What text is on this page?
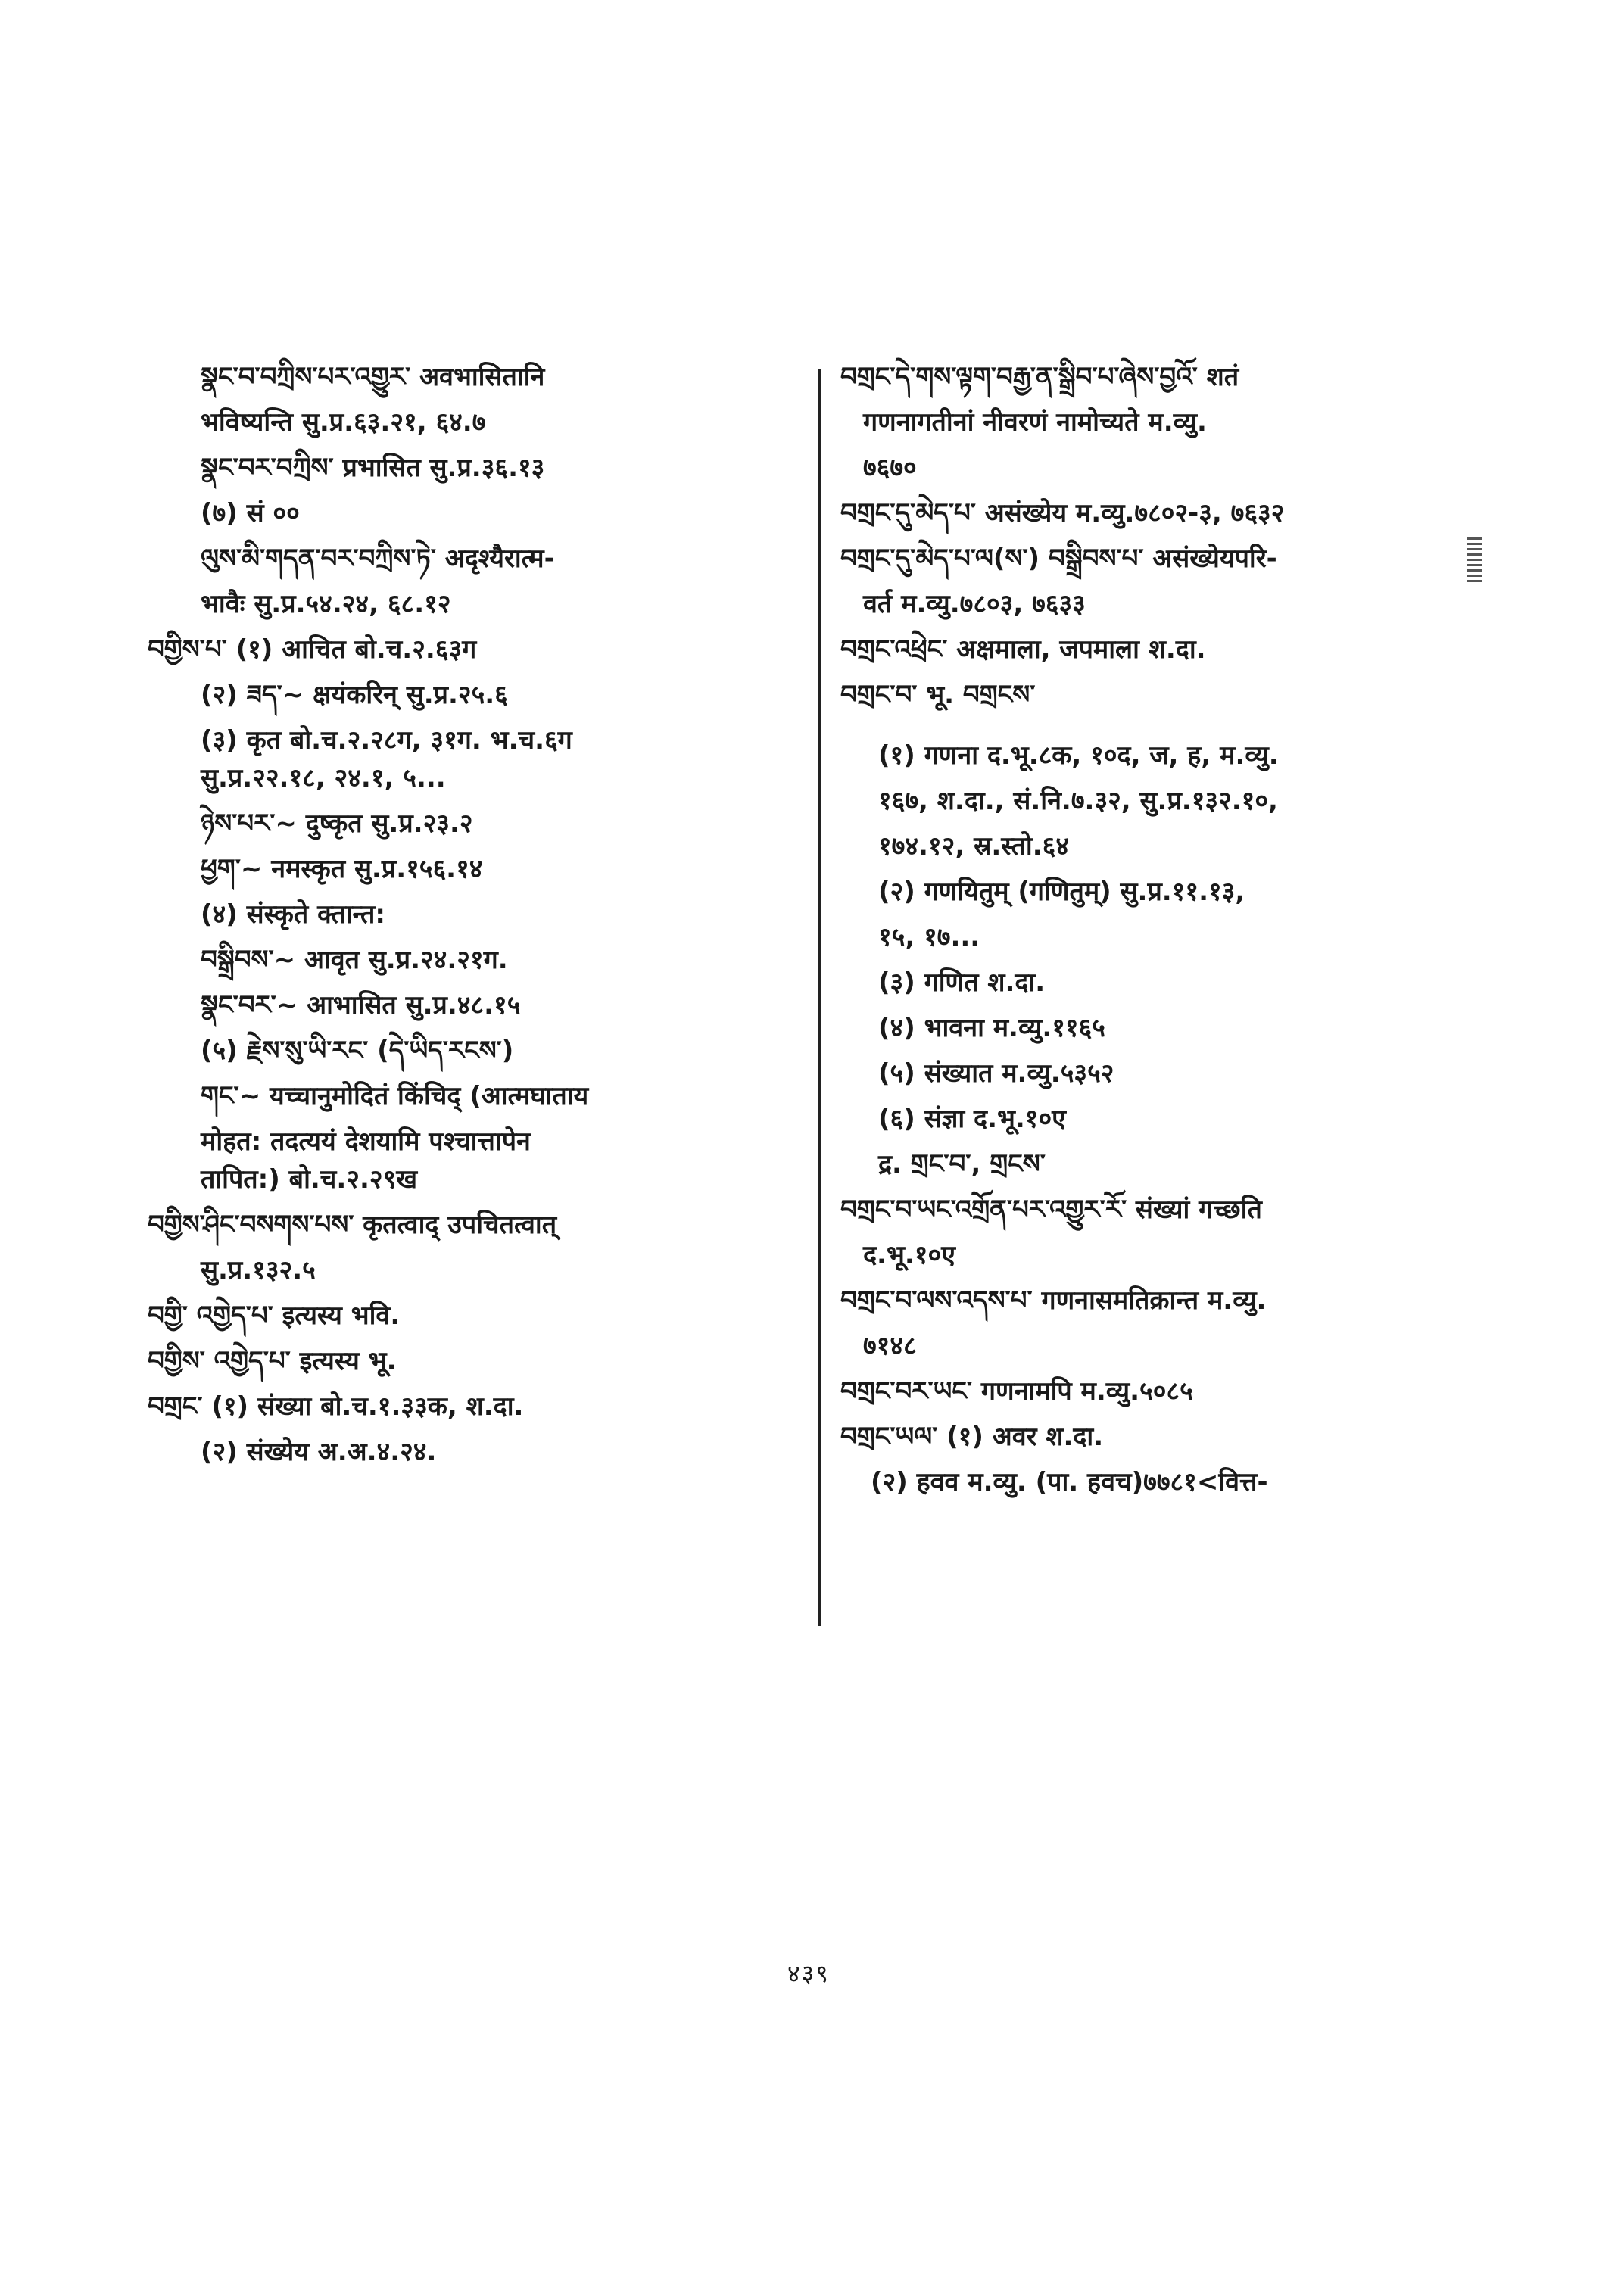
སྣང་བ་བཀྲིས་པར་འགྱུར་ अवभासितानि
भविष्यन्ति सु.प्र.६३.२१, ६४.७
སྣང་བར་བཀྲིས་ प्रभासित सु.प्र.३६.१३
(७) सं ००
ལུས་མི་གདན་བར་བཀྲིས་ཏེ་ अदृश्यैरात्म-
भावैः सु.प्र.५४.२४, ६८.१२
བགྱིས་པ་ (१) आचित बो.च.२.६३ग
(२) ཟད་~ क्षयंकरिन् सु.प्र.२५.६
(३) कृत बो.च.२.२८ग, ३१ग. भ.च.६ग
सु.प्र.२२.१८, २४.१, ५...
ཉེས་པར་~ दुष्कृत सु.प्र.२३.२
ཕྱག་~ नमस्कृत सु.प्र.१५६.१४
(४) संस्कृते क्तान्त:
བསྒྲིབས་~ आवृत सु.प्र.२४.२१ग.
སྣང་བར་~ आभासित सु.प्र.४८.१५
(५) རྗེས་སུ་ཡི་རང་ (དེ་ཡིད་རངས་)
གང་~ यच्चानुमोदितं किंचिद् (आत्मघाताय
मोहत: तदत्ययं देशयामि पश्चात्तापेन
तापित:) बो.च.२.२९ख
བགྱིས་ཤིང་བསགས་པས་ कृतत्वाद् उपचितत्वात्
सु.प्र.१३२.५
བགྱི་ འགྱེད་པ་ इत्यस्य भवि.
བགྱིས་ འགྱེད་པ་ इत्यस्य भू.
བགྲང་ (१) संख्या बो.च.१.३३क, श.दा.
(२) संख्येय अ.अ.४.२४.
བགྲང་དེ་གས་ལྟག་བརྒྱ་ན་སྒྲིབ་པ་ཞེས་བྱའོ་ शतं
गणनागतीनां नीवरणं नामोच्यते म.व्यु.
७६७०
བགྲང་དུ་མེད་པ་ असंख्येय म.व्यु.७८०२-३, ७६३२
བགྲང་དུ་མེད་པ་ལ(ས་) བསྒྲིབས་པ་ असंख्येयपरि-
वर्त म.व्यु.७८०३, ७६३३
བགྲང་འཕྲེང་ अक्षमाला, जपमाला श.दा.
བགྲང་བ་ भू. བགྲངས་
(१) गणना द.भू.८क, १०द, ज, ह, म.व्यु.
१६७, श.दा., सं.नि.७.३२, सु.प्र.१३२.१०,
१७४.१२, स्र.स्तो.६४
(२) गणयितुम् (गणितुम्) सु.प्र.११.१३,
१५, १७...
(३) गणित श.दा.
(४) भावना म.व्यु.११६५
(५) संख्यात म.व्यु.५३५२
(६) संज्ञा द.भू.१०ए
द्र. གྲང་བ་, གྲངས་
བགྲང་བ་ཡང་འགྲོན་པར་འགྱུར་རོ་ संख्यां गच्छति
द.भू.१०ए
བགྲང་བ་ལས་འདས་པ་ गणनासमतिक्रान्त म.व्यु.
७१४८
བགྲང་བར་ཡང་ गणनामपि म.व्यु.५०८५
བགྲང་ཡལ་ (१) अवर श.दा.
(२) हवव म.व्यु. (पा. हवच)७७८१<वित्त-
४३९
